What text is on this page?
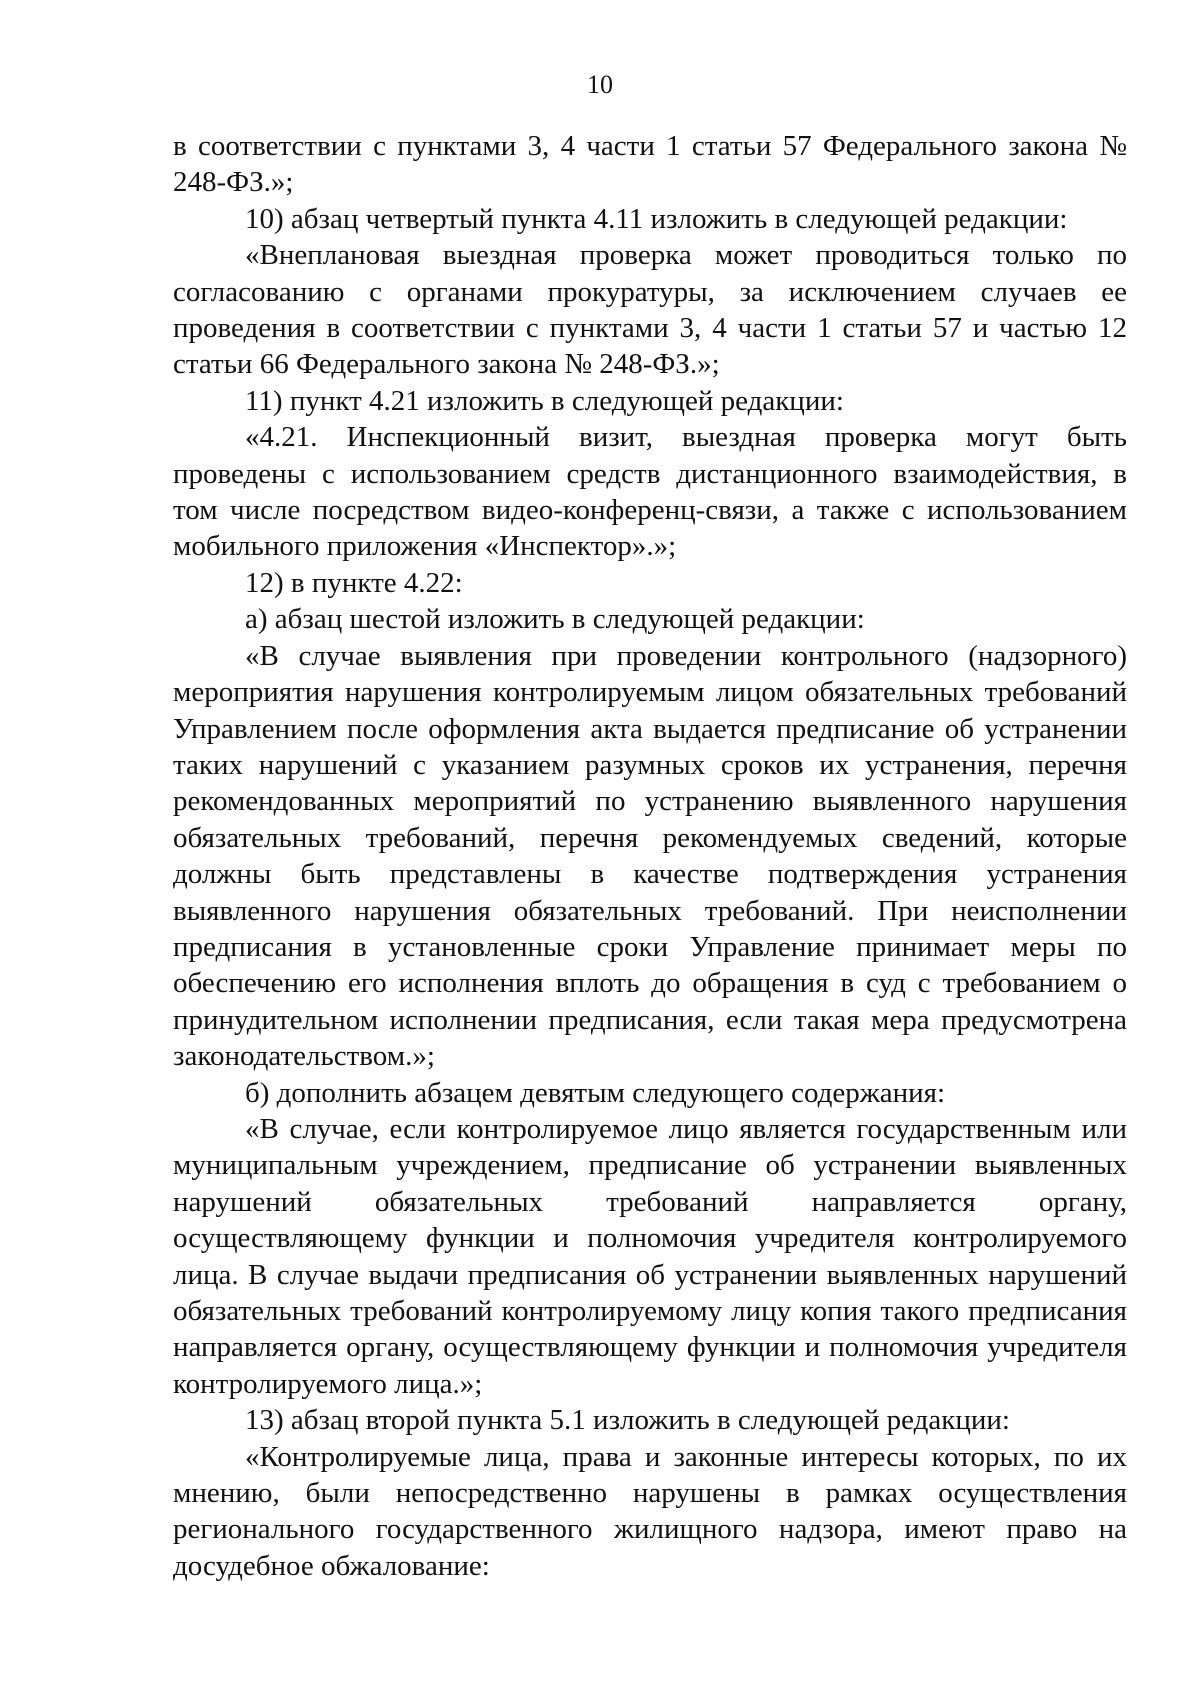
10

в соответствии с пунктами 3, 4 части 1 статьи 57 Федерального закона № 248-ФЗ.»;

10) абзац четвертый пункта 4.11 изложить в следующей редакции:

«Внеплановая выездная проверка может проводиться только по согласованию с органами прокуратуры, за исключением случаев ее проведения в соответствии с пунктами 3, 4 части 1 статьи 57 и частью 12 статьи 66 Федерального закона № 248-ФЗ.»;

11) пункт 4.21 изложить в следующей редакции:

«4.21. Инспекционный визит, выездная проверка могут быть проведены с использованием средств дистанционного взаимодействия, в том числе посредством видео-конференц-связи, а также с использованием мобильного приложения «Инспектор».»;

12) в пункте 4.22:

а) абзац шестой изложить в следующей редакции:

«В случае выявления при проведении контрольного (надзорного) мероприятия нарушения контролируемым лицом обязательных требований Управлением после оформления акта выдается предписание об устранении таких нарушений с указанием разумных сроков их устранения, перечня рекомендованных мероприятий по устранению выявленного нарушения обязательных требований, перечня рекомендуемых сведений, которые должны быть представлены в качестве подтверждения устранения выявленного нарушения обязательных требований. При неисполнении предписания в установленные сроки Управление принимает меры по обеспечению его исполнения вплоть до обращения в суд с требованием о принудительном исполнении предписания, если такая мера предусмотрена законодательством.»;

б) дополнить абзацем девятым следующего содержания:

«В случае, если контролируемое лицо является государственным или муниципальным учреждением, предписание об устранении выявленных нарушений обязательных требований направляется органу, осуществляющему функции и полномочия учредителя контролируемого лица. В случае выдачи предписания об устранении выявленных нарушений обязательных требований контролируемому лицу копия такого предписания направляется органу, осуществляющему функции и полномочия учредителя контролируемого лица.»;

13) абзац второй пункта 5.1 изложить в следующей редакции:

«Контролируемые лица, права и законные интересы которых, по их мнению, были непосредственно нарушены в рамках осуществления регионального государственного жилищного надзора, имеют право на досудебное обжалование:
